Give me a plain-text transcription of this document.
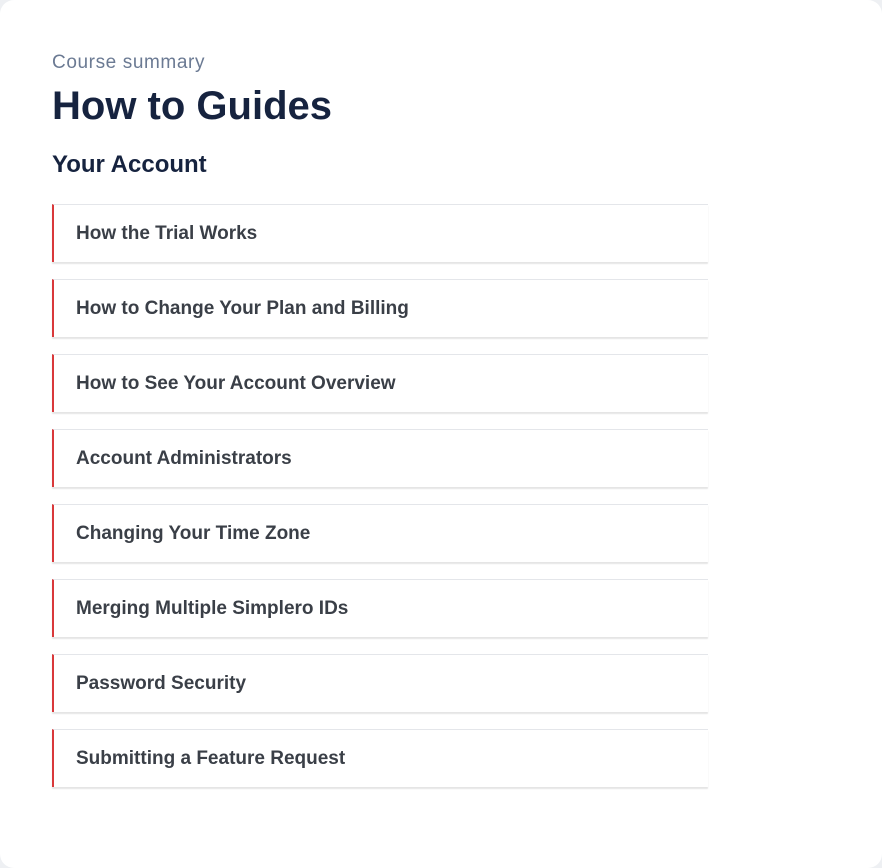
Course summary

How to Guides
Your Account
How the Trial Works
How to Change Your Plan and Billing
How to See Your Account Overview
Account Administrators
Changing Your Time Zone
Merging Multiple Simplero IDs
Password Security
Submitting a Feature Request
